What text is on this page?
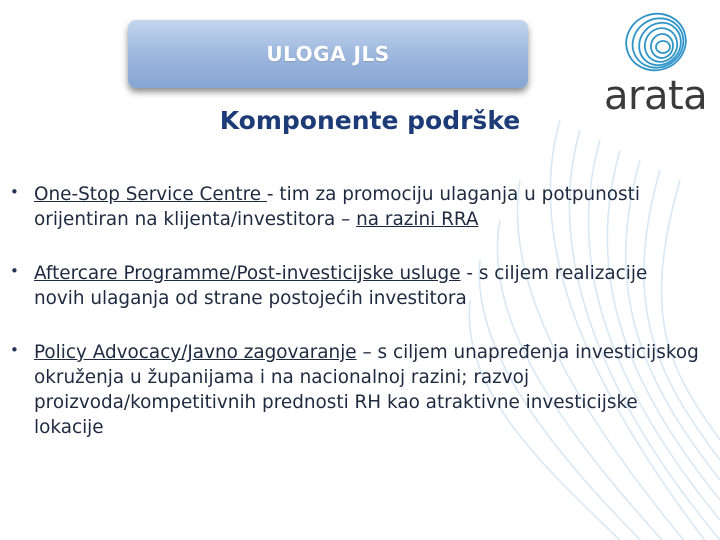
ULOGA JLS
arata
Komponente podrške
• One-Stop Service Centre - tim za promociju ulaganja u potpunosti orijentiran na klijenta/investitora – na razini RRA

• Aftercare Programme/Post-investicijske usluge - s ciljem realizacije novih ulaganja od strane postojećih investitora

• Policy Advocacy/Javno zagovaranje – s ciljem unapređenja investicijskog okruženja u županijama i na nacionalnoj razini; razvoj proizvoda/kompetitivnih prednosti RH kao atraktivne investicijske lokacije
